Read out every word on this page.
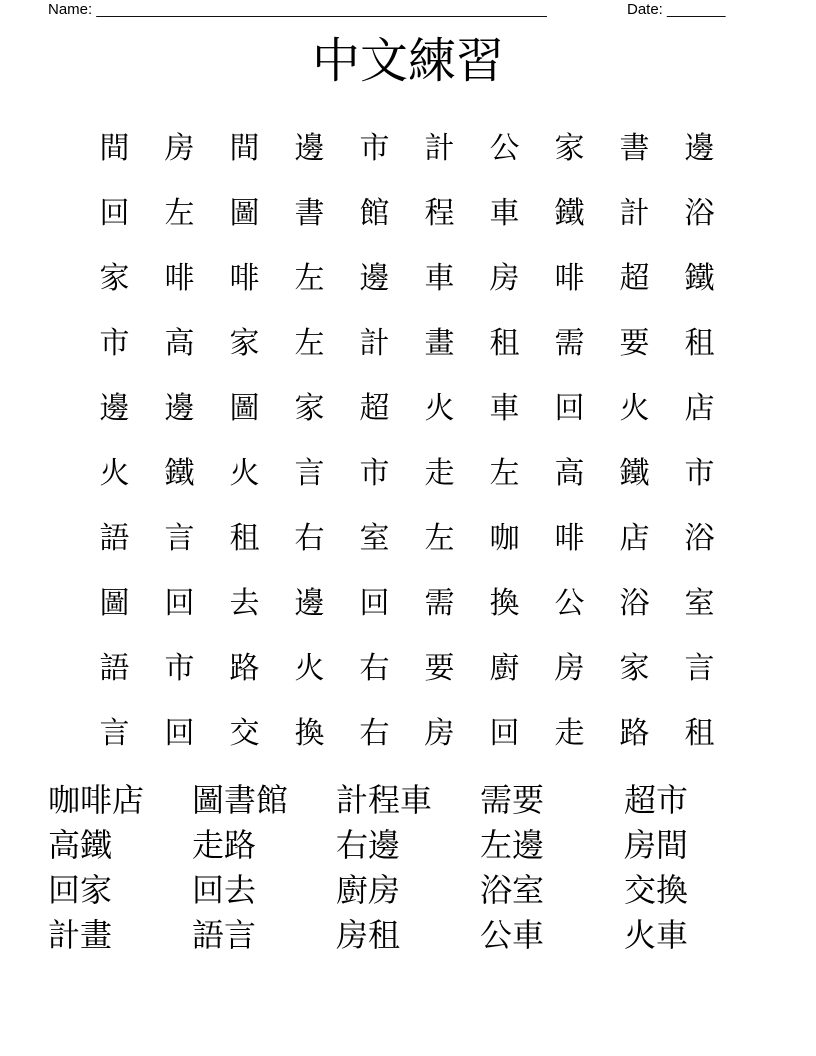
Name: ______________________________________________________	Date: _______
中文練習
間	房	間	邊	市	計	公	家	書	邊
回	左	圖	書	館	程	車	鐵	計	浴
家	啡	啡	左	邊	車	房	啡	超	鐵
市	高	家	左	計	畫	租	需	要	租
邊	邊	圖	家	超	火	車	回	火	店
火	鐵	火	言	市	走	左	高	鐵	市
語	言	租	右	室	左	咖	啡	店	浴
圖	回	去	邊	回	需	換	公	浴	室
語	市	路	火	右	要	廚	房	家	言
言	回	交	換	右	房	回	走	路	租
咖啡店	圖書館	計程車	需要	超市
高鐵	走路	右邊	左邊	房間
回家	回去	廚房	浴室	交換
計畫	語言	房租	公車	火車
